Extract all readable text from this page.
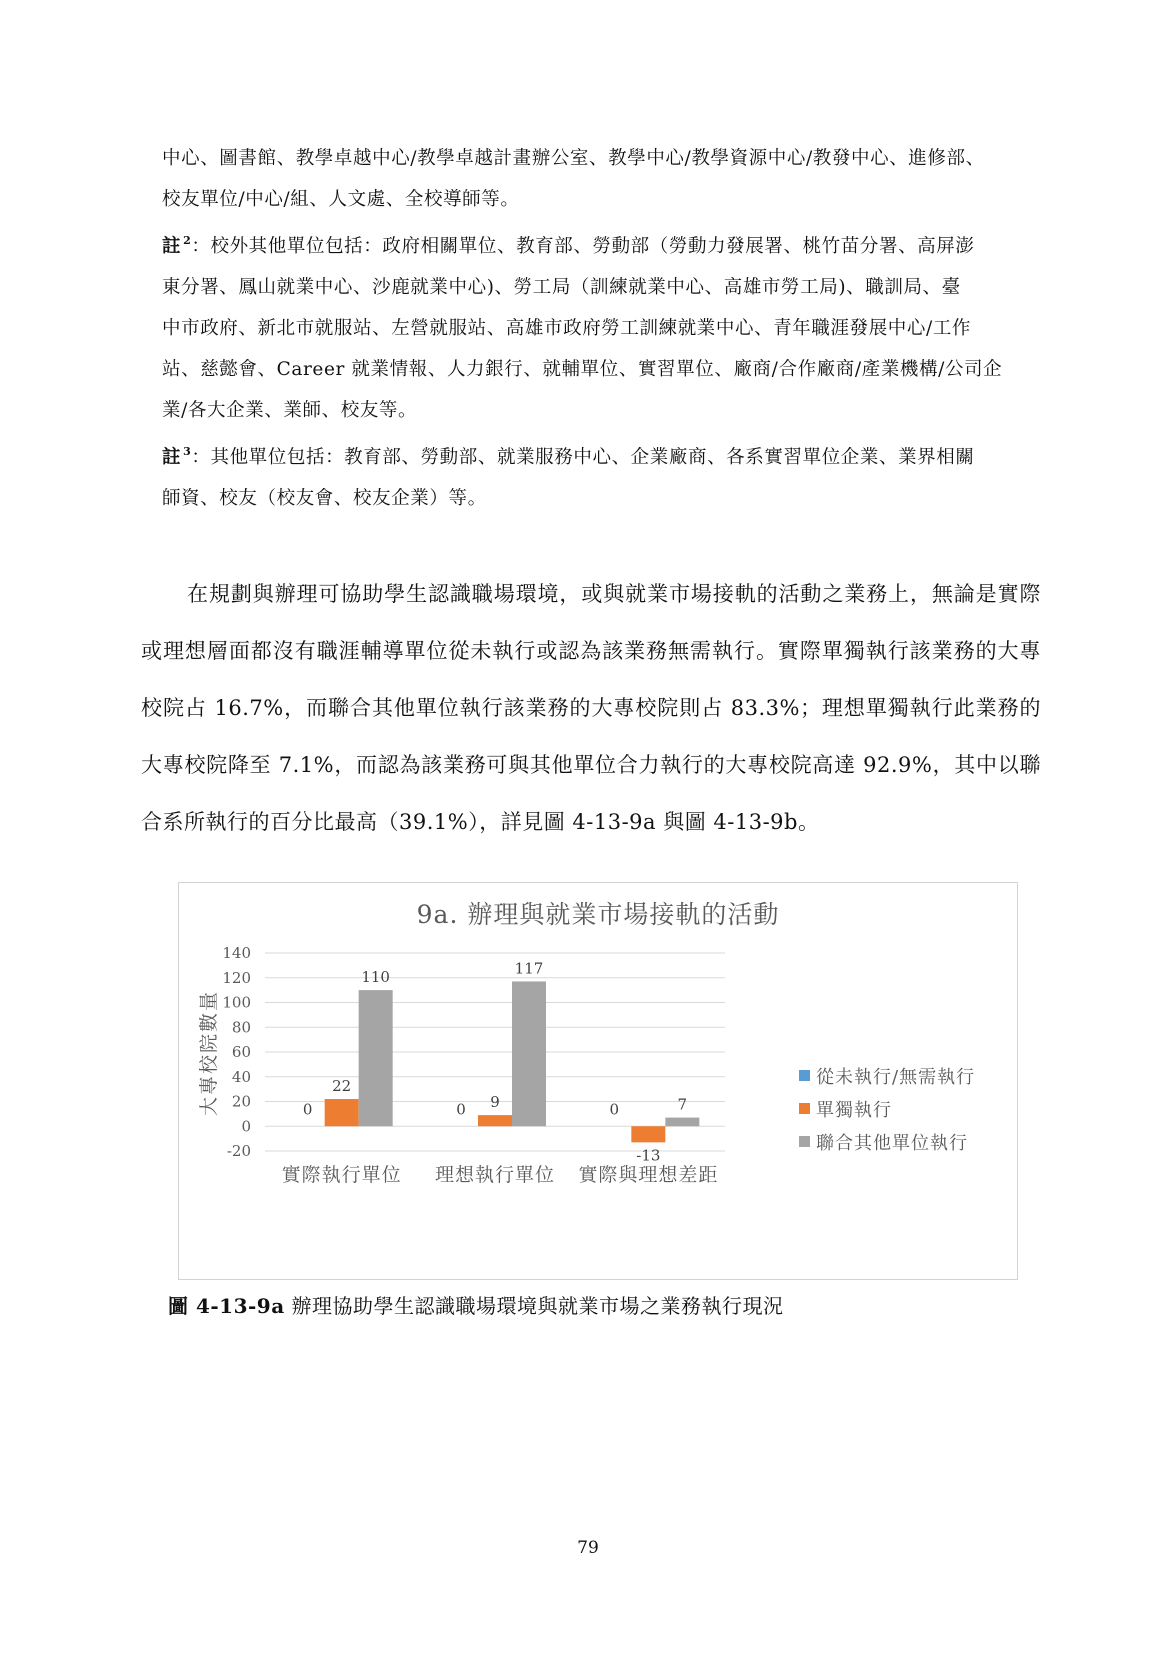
中心、圖書館、教學卓越中心/教學卓越計畫辦公室、教學中心/教學資源中心/教發中心、進修部、

校友單位/中心/組、人文處、全校導師等。

註 $^2$：校外其他單位包括：政府相關單位、教育部、勞動部（勞動力發展署、桃竹苗分署、高屏澎

東分署、鳳山就業中心、沙鹿就業中心)、勞工局（訓練就業中心、高雄市勞工局)、職訓局、臺

中市政府、新北市就服站、左營就服站、高雄市政府勞工訓練就業中心、青年職涯發展中心/工作

站、慈懿會、Career 就業情報、人力銀行、就輔單位、實習單位、廠商/合作廠商/產業機構/公司企

業/各大企業、業師、校友等。

註 $^3$：其他單位包括：教育部、勞動部、就業服務中心、企業廠商、各系實習單位企業、業界相關

師資、校友（校友會、校友企業）等。

在規劃與辦理可協助學生認識職場環境，或與就業市場接軌的活動之業務上，無論是實際或理想層面都沒有職涯輔導單位從未執行或認為該業務無需執行。實際單獨執行該業務的大專校院占 16.7%，而聯合其他單位執行該業務的大專校院則占 83.3%；理想單獨執行此業務的大專校院降至 7.1%，而認為該業務可與其他單位合力執行的大專校院高達 92.9%，其中以聯合系所執行的百分比最高（39.1%），詳見圖 4-13-9a 與圖 4-13-9b。

9a. 辦理與就業市場接軌的活動
140
120
100
80
60
40
20
0
-20
大專校院數量
實際執行單位
0
22
110
理想執行單位
0 9
117
實際與理想差距
0
-13
7
從未執行/無需執行
單獨執行
聯合其他單位執行
圖 4-13-9a 辦理協助學生認識職場環境與就業市場之業務執行現況
79
